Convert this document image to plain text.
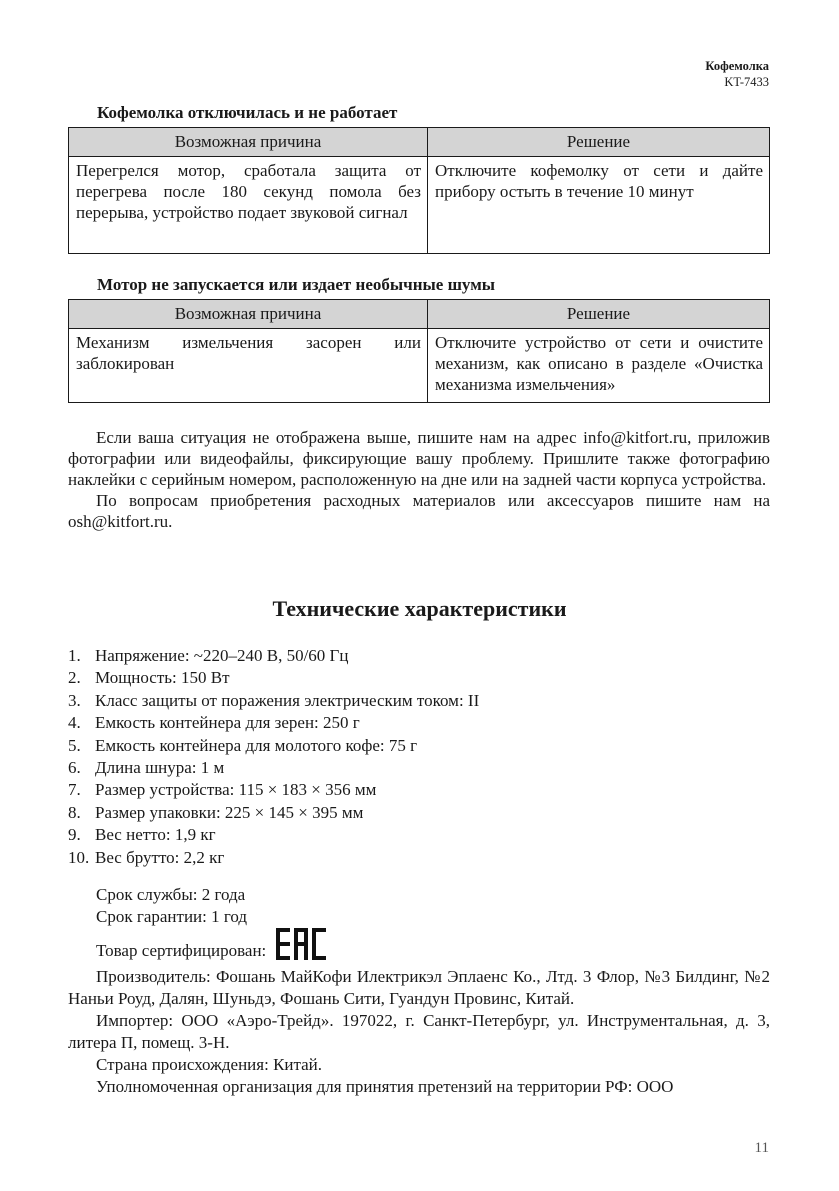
Кофемолка
KT-7433
Кофемолка отключилась и не работает
Возможная причина	Решение
Перегрелся мотор, сработала защита от перегрева после 180 секунд помола без перерыва, устройство подает звуковой сигнал	Отключите кофемолку от сети и дайте прибору остыть в течение 10 минут
Мотор не запускается или издает необычные шумы
Возможная причина	Решение
Механизм измельчения засорен или заблокирован	Отключите устройство от сети и очистите механизм, как описано в разделе «Очистка механизма измельчения»

Если ваша ситуация не отображена выше, пишите нам на адрес info@kitfort.ru, приложив фотографии или видеофайлы, фиксирующие вашу проблему. Пришлите также фотографию наклейки с серийным номером, расположенную на дне или на задней части корпуса устройства.

По вопросам приобретения расходных материалов или аксессуаров пишите нам на osh@kitfort.ru.

Технические характеристики
1. Напряжение: ~220–240 В, 50/60 Гц
2. Мощность: 150 Вт
3. Класс защиты от поражения электрическим током: II
4. Емкость контейнера для зерен: 250 г
5. Емкость контейнера для молотого кофе: 75 г
6. Длина шнура: 1 м
7. Размер устройства: 115 × 183 × 356 мм
8. Размер упаковки: 225 × 145 × 395 мм
9. Вес нетто: 1,9 кг
10. Вес брутто: 2,2 кг
Срок службы: 2 года
Срок гарантии: 1 год
Товар сертифицирован:

Производитель: Фошань МайКофи Илектрикэл Эплаенс Ко., Лтд. 3 Флор, №3 Билдинг, №2 Наньи Роуд, Далян, Шуньдэ, Фошань Сити, Гуандун Провинс, Китай.

Импортер: ООО «Аэро-Трейд». 197022, г. Санкт-Петербург, ул. Инструментальная, д. 3, литера П, помещ. 3-Н.

Страна происхождения: Китай.

Уполномоченная организация для принятия претензий на территории РФ: ООО

11
